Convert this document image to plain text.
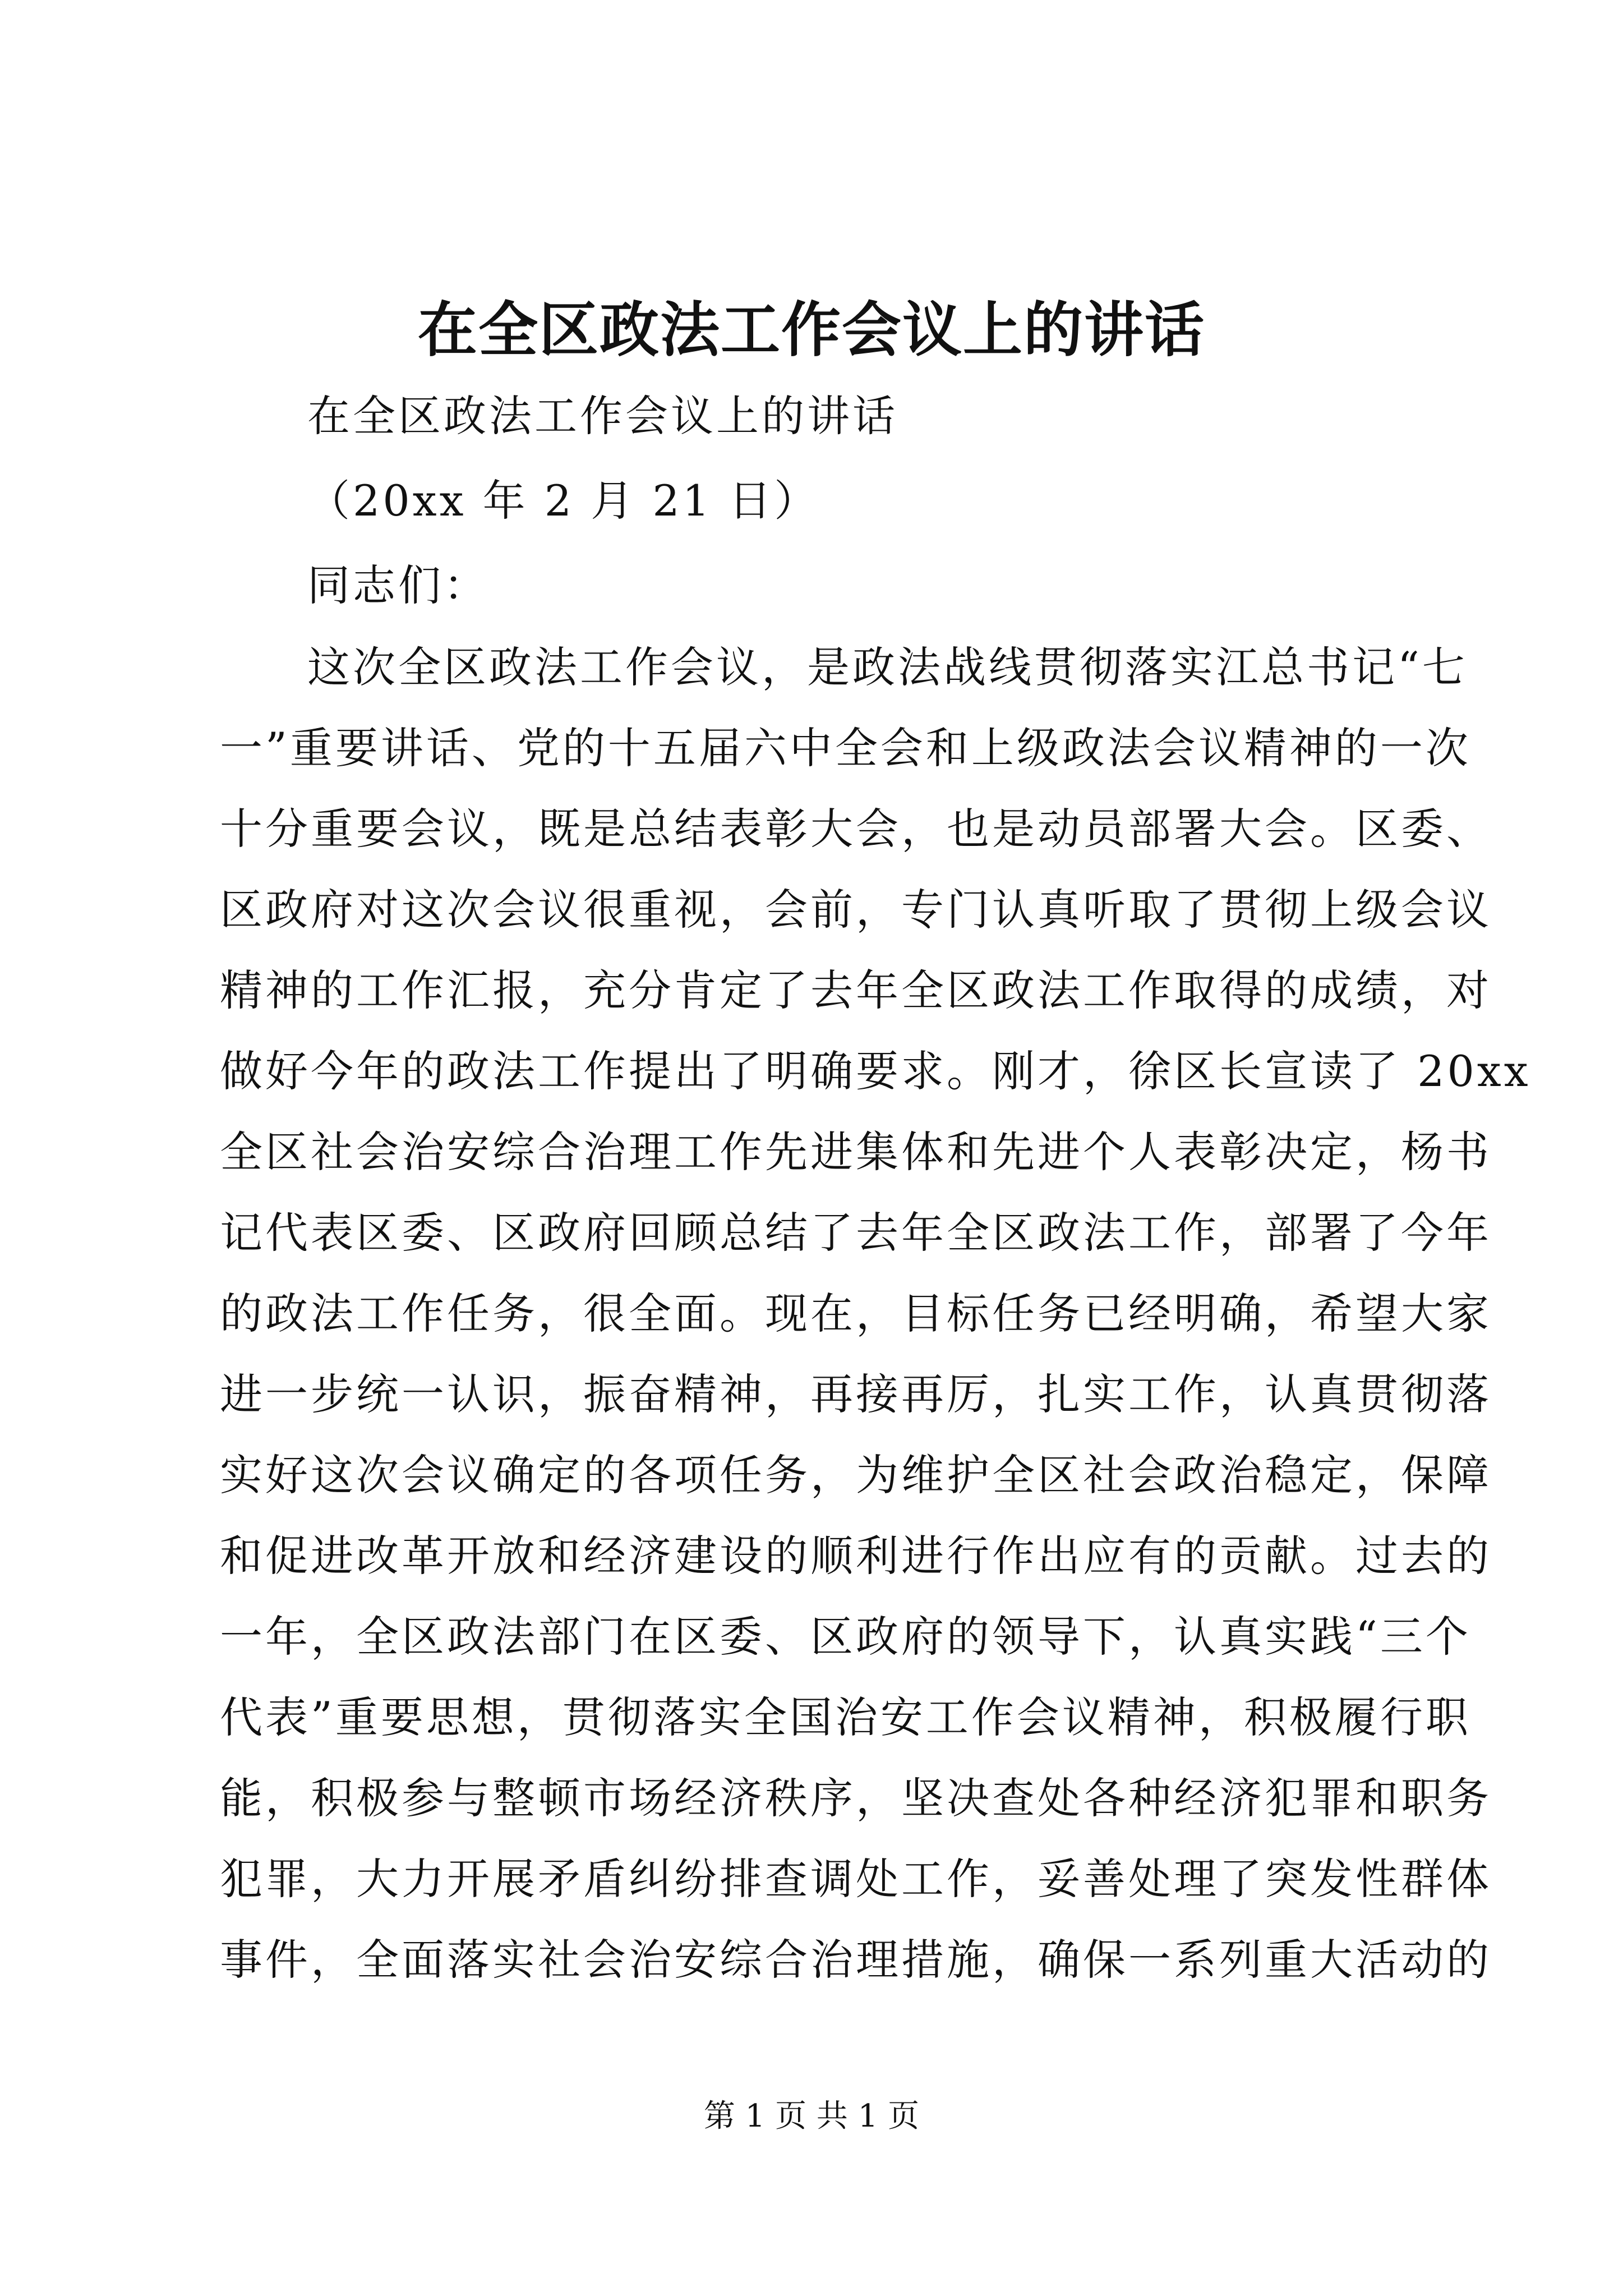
在全区政法工作会议上的讲话
在全区政法工作会议上的讲话
（20xx 年 2 月 21 日）
同志们：
这次全区政法工作会议，是政法战线贯彻落实江总书记“七
一”重要讲话、党的十五届六中全会和上级政法会议精神的一次
十分重要会议，既是总结表彰大会，也是动员部署大会。区委、
区政府对这次会议很重视，会前，专门认真听取了贯彻上级会议
精神的工作汇报，充分肯定了去年全区政法工作取得的成绩，对
做好今年的政法工作提出了明确要求。刚才，徐区长宣读了 20xx
全区社会治安综合治理工作先进集体和先进个人表彰决定，杨书
记代表区委、区政府回顾总结了去年全区政法工作，部署了今年
的政法工作任务，很全面。现在，目标任务已经明确，希望大家
进一步统一认识，振奋精神，再接再厉，扎实工作，认真贯彻落
实好这次会议确定的各项任务，为维护全区社会政治稳定，保障
和促进改革开放和经济建设的顺利进行作出应有的贡献。过去的
一年，全区政法部门在区委、区政府的领导下，认真实践“三个
代表”重要思想，贯彻落实全国治安工作会议精神，积极履行职
能，积极参与整顿市场经济秩序，坚决查处各种经济犯罪和职务
犯罪，大力开展矛盾纠纷排查调处工作，妥善处理了突发性群体
事件，全面落实社会治安综合治理措施，确保一系列重大活动的
第 1 页 共 1 页
